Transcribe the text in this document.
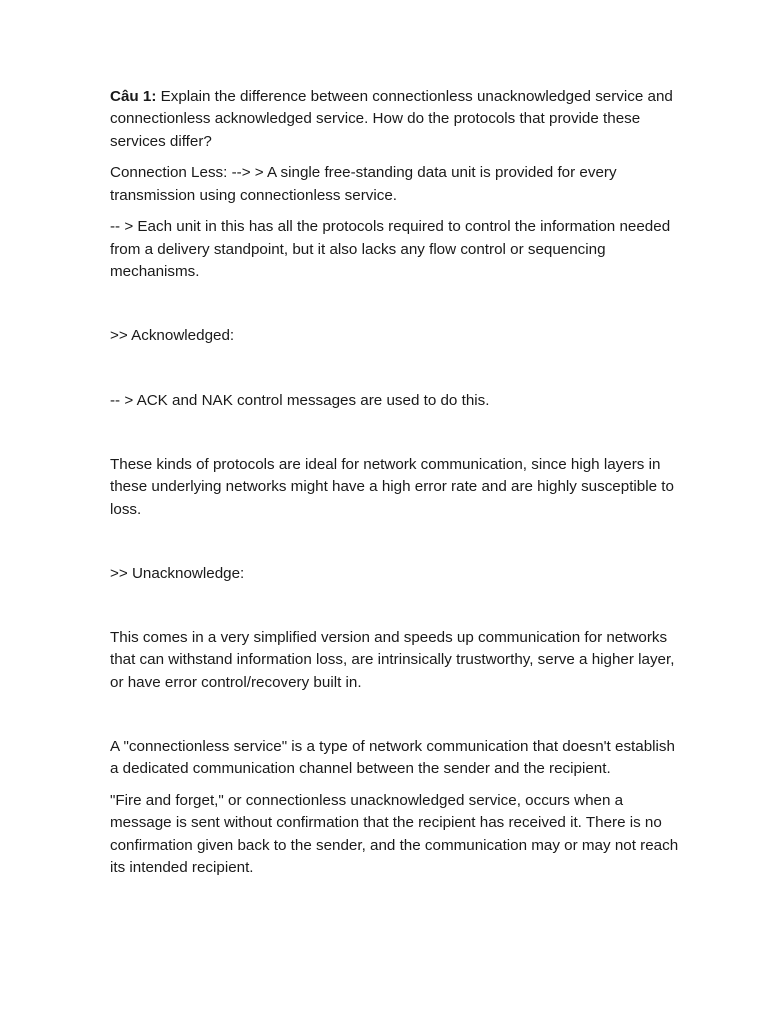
Câu 1: Explain the difference between connectionless unacknowledged service and connectionless acknowledged service. How do the protocols that provide these services differ?

Connection Less: --> > A single free-standing data unit is provided for every transmission using connectionless service.

-- > Each unit in this has all the protocols required to control the information needed from a delivery standpoint, but it also lacks any flow control or sequencing mechanisms.

>> Acknowledged:

-- > ACK and NAK control messages are used to do this.

These kinds of protocols are ideal for network communication, since high layers in these underlying networks might have a high error rate and are highly susceptible to loss.

>> Unacknowledge:

This comes in a very simplified version and speeds up communication for networks that can withstand information loss, are intrinsically trustworthy, serve a higher layer, or have error control/recovery built in.

A "connectionless service" is a type of network communication that doesn't establish a dedicated communication channel between the sender and the recipient.

"Fire and forget," or connectionless unacknowledged service, occurs when a message is sent without confirmation that the recipient has received it. There is no confirmation given back to the sender, and the communication may or may not reach its intended recipient.
